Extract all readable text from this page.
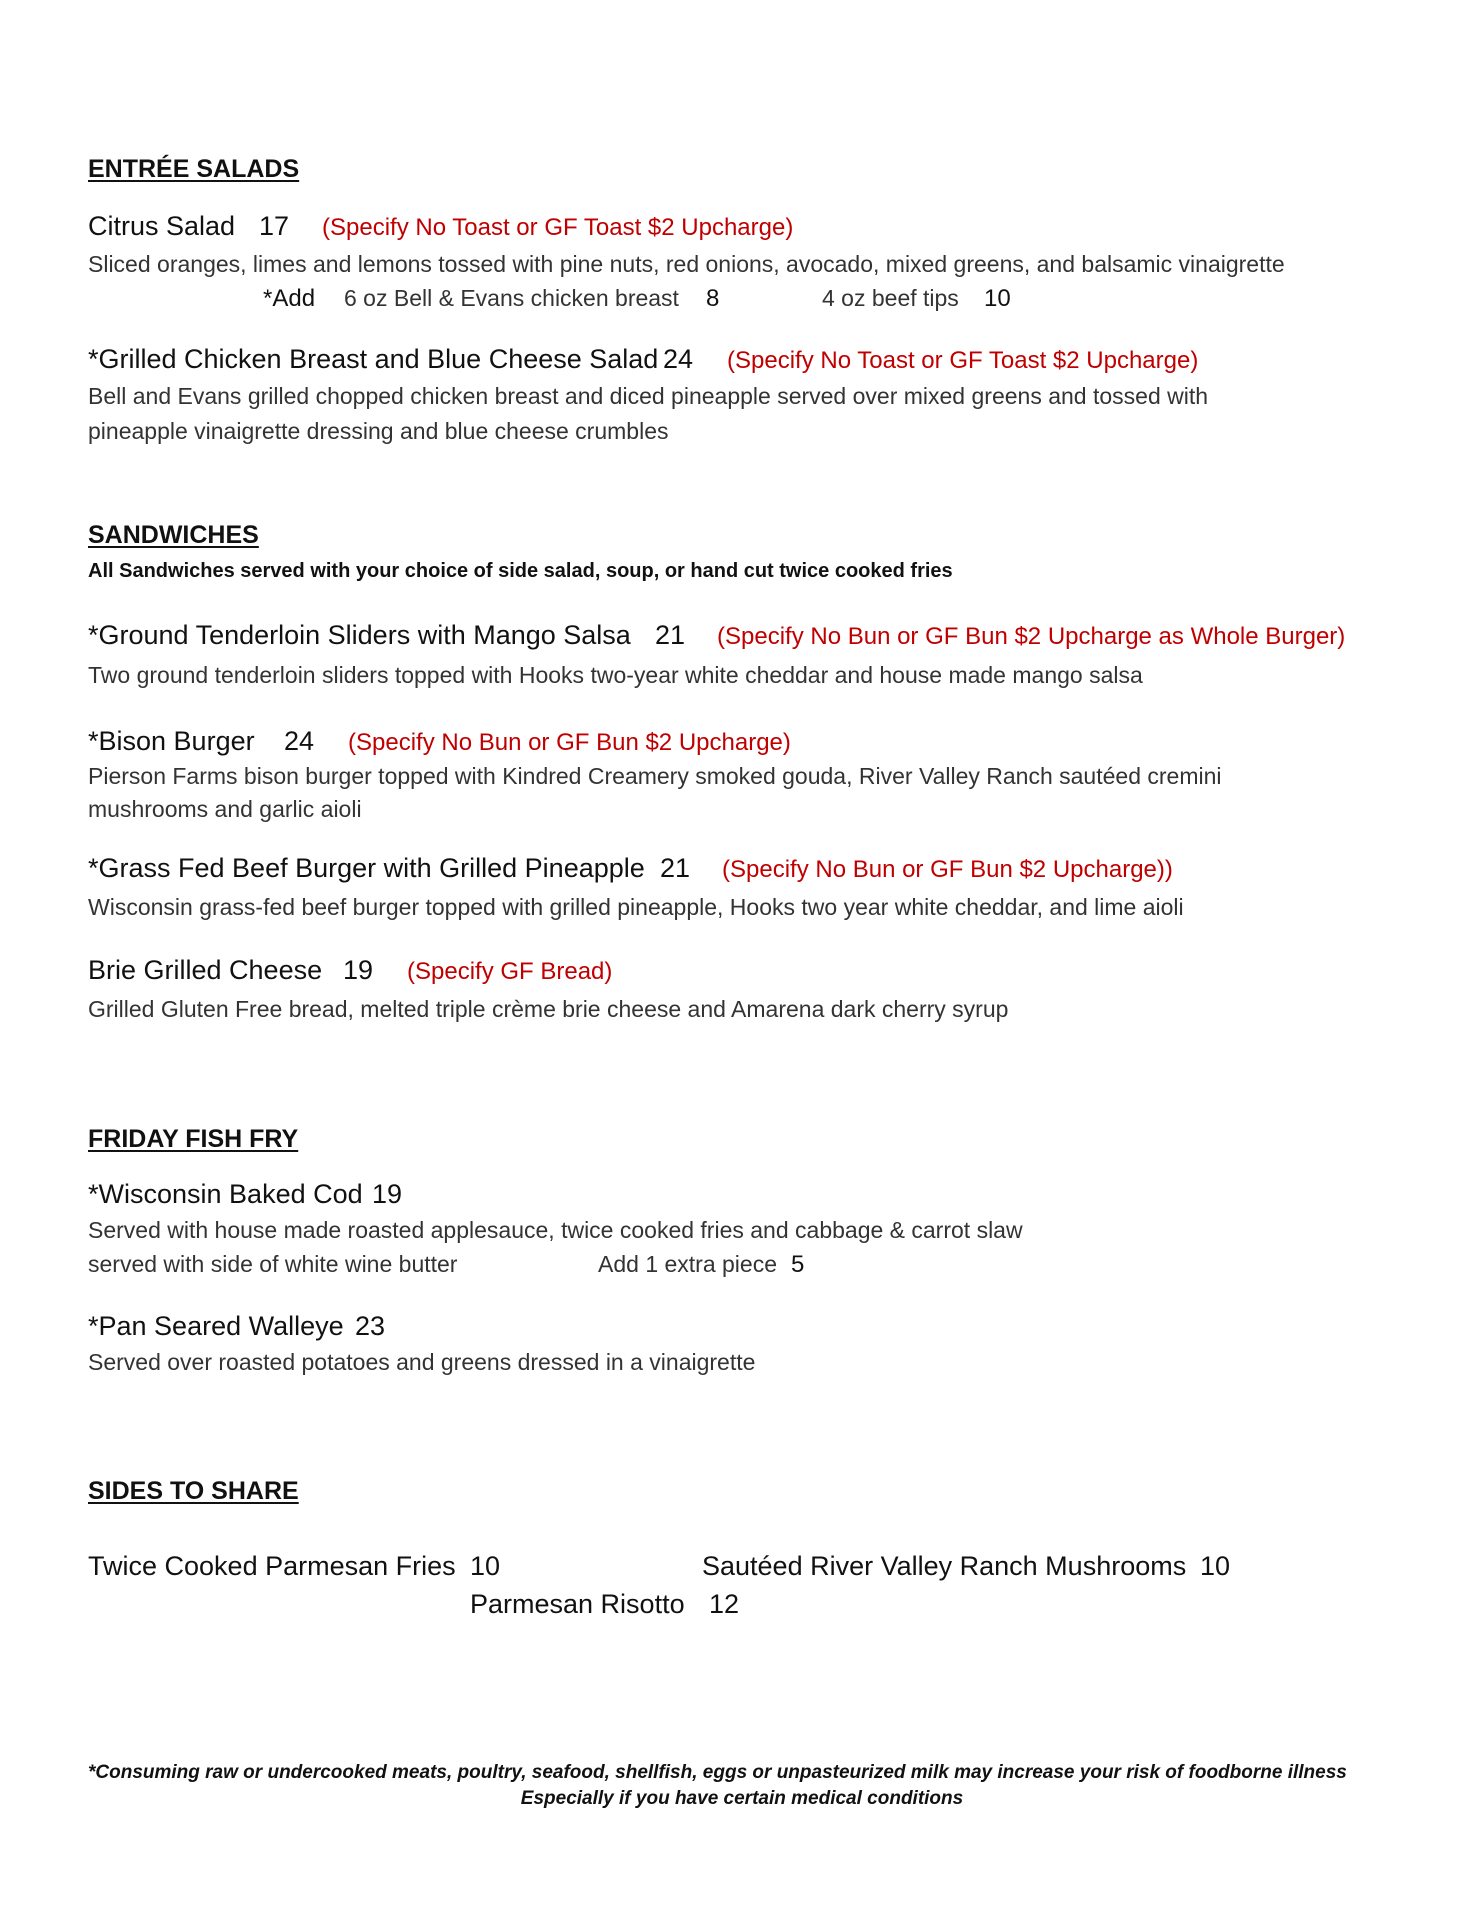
ENTRÉE SALADS
Citrus Salad 17 (Specify No Toast or GF Toast $2 Upcharge)
Sliced oranges, limes and lemons tossed with pine nuts, red onions, avocado, mixed greens, and balsamic vinaigrette
*Add 6 oz Bell & Evans chicken breast 8	4 oz beef tips 10
*Grilled Chicken Breast and Blue Cheese Salad 24 (Specify No Toast or GF Toast $2 Upcharge)
Bell and Evans grilled chopped chicken breast and diced pineapple served over mixed greens and tossed with
pineapple vinaigrette dressing and blue cheese crumbles
SANDWICHES
All Sandwiches served with your choice of side salad, soup, or hand cut twice cooked fries
*Ground Tenderloin Sliders with Mango Salsa 21 (Specify No Bun or GF Bun $2 Upcharge as Whole Burger)
Two ground tenderloin sliders topped with Hooks two-year white cheddar and house made mango salsa
*Bison Burger 24 (Specify No Bun or GF Bun $2 Upcharge)
Pierson Farms bison burger topped with Kindred Creamery smoked gouda, River Valley Ranch sautéed cremini
mushrooms and garlic aioli
*Grass Fed Beef Burger with Grilled Pineapple 21 (Specify No Bun or GF Bun $2 Upcharge))
Wisconsin grass-fed beef burger topped with grilled pineapple, Hooks two year white cheddar, and lime aioli
Brie Grilled Cheese 19 (Specify GF Bread)
Grilled Gluten Free bread, melted triple crème brie cheese and Amarena dark cherry syrup
FRIDAY FISH FRY
*Wisconsin Baked Cod 19
Served with house made roasted applesauce, twice cooked fries and cabbage & carrot slaw
served with side of white wine butter	Add 1 extra piece 5
*Pan Seared Walleye 23
Served over roasted potatoes and greens dressed in a vinaigrette
SIDES TO SHARE
Twice Cooked Parmesan Fries 10	Sautéed River Valley Ranch Mushrooms 10
Parmesan Risotto 12
*Consuming raw or undercooked meats, poultry, seafood, shellfish, eggs or unpasteurized milk may increase your risk of foodborne illness
Especially if you have certain medical conditions
